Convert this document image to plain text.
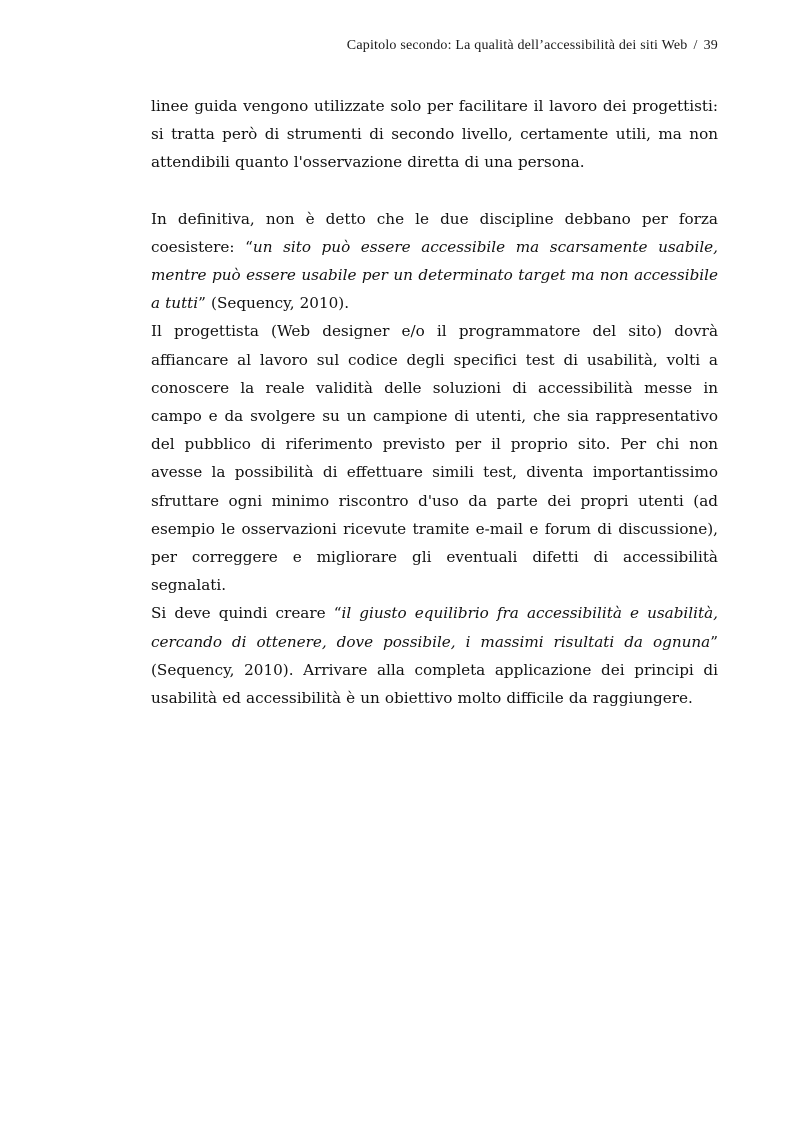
Capitolo secondo: La qualità dell’accessibilità dei siti Web / 39

linee guida vengono utilizzate solo per facilitare il lavoro dei progettisti: si tratta però di strumenti di secondo livello, certamente utili, ma non attendibili quanto l'osservazione diretta di una persona.

In definitiva, non è detto che le due discipline debbano per forza coesistere: “un sito può essere accessibile ma scarsamente usabile, mentre può essere usabile per un determinato target ma non accessibile a tutti” (Sequency, 2010).

Il progettista (Web designer e/o il programmatore del sito) dovrà affiancare al lavoro sul codice degli specifici test di usabilità, volti a conoscere la reale validità delle soluzioni di accessibilità messe in campo e da svolgere su un campione di utenti, che sia rappresentativo del pubblico di riferimento previsto per il proprio sito. Per chi non avesse la possibilità di effettuare simili test, diventa importantissimo sfruttare ogni minimo riscontro d'uso da parte dei propri utenti (ad esempio le osservazioni ricevute tramite e-mail e forum di discussione), per correggere e migliorare gli eventuali difetti di accessibilità segnalati.

Si deve quindi creare “il giusto equilibrio fra accessibilità e usabilità, cercando di ottenere, dove possibile, i massimi risultati da ognuna” (Sequency, 2010). Arrivare alla completa applicazione dei principi di usabilità ed accessibilità è un obiettivo molto difficile da raggiungere.
